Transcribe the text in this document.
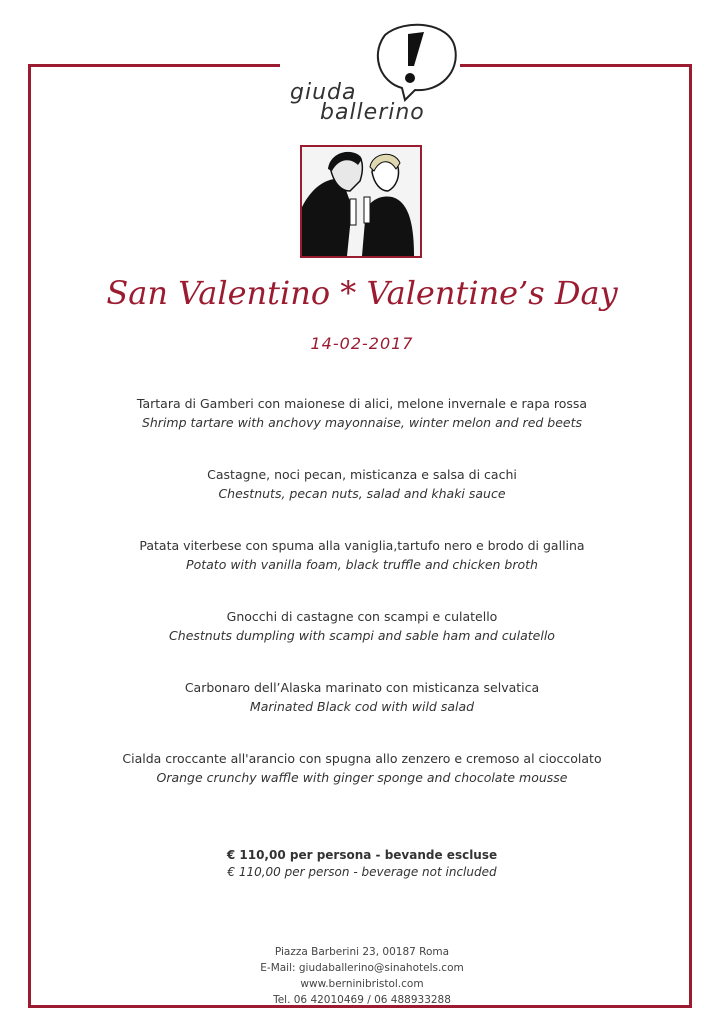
giuda
ballerino
San Valentino * Valentine’s Day
14-02-2017
Tartara di Gamberi con maionese di alici, melone invernale e rapa rossa
Shrimp tartare with anchovy mayonnaise, winter melon and red beets
Castagne, noci pecan, misticanza e salsa di cachi
Chestnuts, pecan nuts, salad and khaki sauce
Patata viterbese con spuma alla vaniglia,tartufo nero e brodo di gallina
Potato with vanilla foam, black truffle and chicken broth
Gnocchi di castagne con scampi e culatello
Chestnuts dumpling with scampi and sable ham and culatello
Carbonaro dell’Alaska marinato con misticanza selvatica
Marinated Black cod with wild salad
Cialda croccante all'arancio con spugna allo zenzero e cremoso al cioccolato
Orange crunchy waffle with ginger sponge and chocolate mousse
€ 110,00 per persona - bevande escluse
€ 110,00 per person - beverage not included
Piazza Barberini 23, 00187 Roma
E-Mail: giudaballerino@sinahotels.com
www.berninibristol.com
Tel. 06 42010469 / 06 488933288
